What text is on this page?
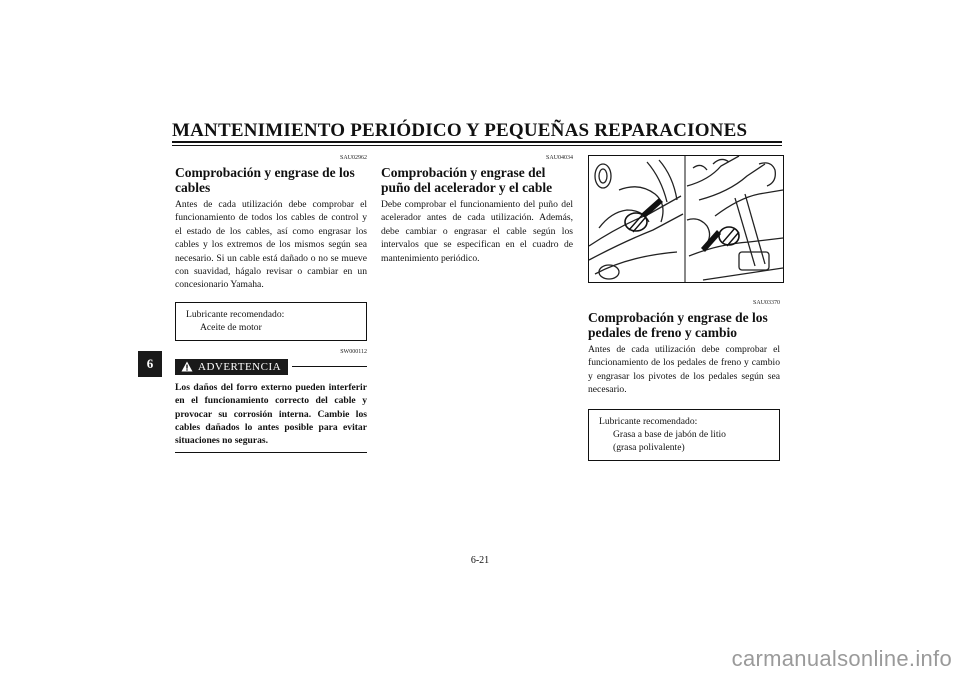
MANTENIMIENTO PERIÓDICO Y PEQUEÑAS REPARACIONES
6
SAU02962
Comprobación y engrase de los cables

Antes de cada utilización debe comprobar el funcionamiento de todos los cables de control y el estado de los cables, así como engrasar los cables y los extremos de los mismos según sea necesario. Si un cable está dañado o no se mueve con suavidad, hágalo revisar o cambiar en un concesionario Yamaha.

Lubricante recomendado:
Aceite de motor
SW000112
ADVERTENCIA

Los daños del forro externo pueden interferir en el funcionamiento correcto del cable y provocar su corrosión interna. Cambie los cables dañados lo antes posible para evitar situaciones no seguras.

SAU04034
Comprobación y engrase del puño del acelerador y el cable

Debe comprobar el funcionamiento del puño del acelerador antes de cada utilización. Además, debe cambiar o engrasar el cable según los intervalos que se especifican en el cuadro de mantenimiento periódico.

SAU03370
Comprobación y engrase de los pedales de freno y cambio

Antes de cada utilización debe comprobar el funcionamiento de los pedales de freno y cambio y engrasar los pivotes de los pedales según sea necesario.

Lubricante recomendado:
Grasa a base de jabón de litio
(grasa polivalente)
6-21
carmanualsonline.info
